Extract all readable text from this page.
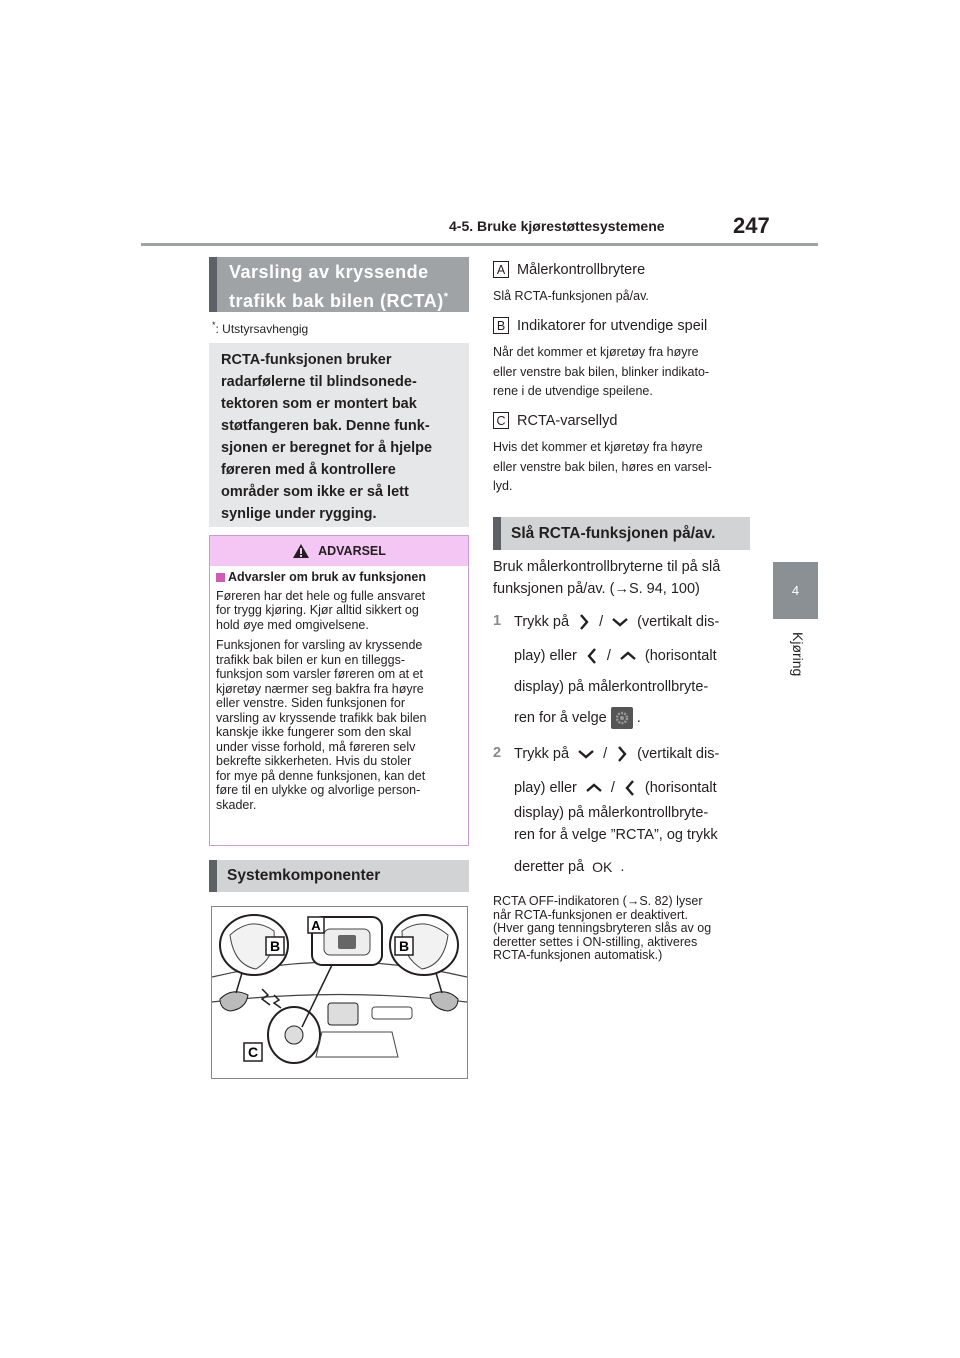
4-5. Bruke kjørestøttesystemene	247
4
Kjøring
Varsling av kryssende
trafikk bak bilen (RCTA)*
*: Utstyrsavhengig
RCTA-funksjonen bruker
radarfølerne til blindsonede-
tektoren som er montert bak
støtfangeren bak. Denne funk-
sjonen er beregnet for å hjelpe
føreren med å kontrollere
områder som ikke er så lett
synlige under rygging.
ADVARSEL
Advarsler om bruk av funksjonen

Føreren har det hele og fulle ansvaret
for trygg kjøring. Kjør alltid sikkert og
hold øye med omgivelsene.

Funksjonen for varsling av kryssende
trafikk bak bilen er kun en tilleggs-
funksjon som varsler føreren om at et
kjøretøy nærmer seg bakfra fra høyre
eller venstre. Siden funksjonen for
varsling av kryssende trafikk bak bilen
kanskje ikke fungerer som den skal
under visse forhold, må føreren selv
bekrefte sikkerheten. Hvis du stoler
for mye på denne funksjonen, kan det
føre til en ulykke og alvorlige person-
skader.

Systemkomponenter
A
B	B
C
A Målerkontrollbrytere
Slå RCTA-funksjonen på/av.
B Indikatorer for utvendige speil
Når det kommer et kjøretøy fra høyre
eller venstre bak bilen, blinker indikato-
rene i de utvendige speilene.
C RCTA-varsellyd
Hvis det kommer et kjøretøy fra høyre
eller venstre bak bilen, høres en varsel-
lyd.
Slå RCTA-funksjonen på/av.
Bruk målerkontrollbryterne til på slå
funksjonen på/av. (→S. 94, 100)
1 Trykk på / (vertikalt dis-
play) eller / (horisontalt
display) på målerkontrollbryte-
ren for å velge .
2 Trykk på / (vertikalt dis-
play) eller / (horisontalt
display) på målerkontrollbryte-
ren for å velge ”RCTA”, og trykk
deretter på OK .
RCTA OFF-indikatoren (→S. 82) lyser
når RCTA-funksjonen er deaktivert.
(Hver gang tenningsbryteren slås av og
deretter settes i ON-stilling, aktiveres
RCTA-funksjonen automatisk.)
